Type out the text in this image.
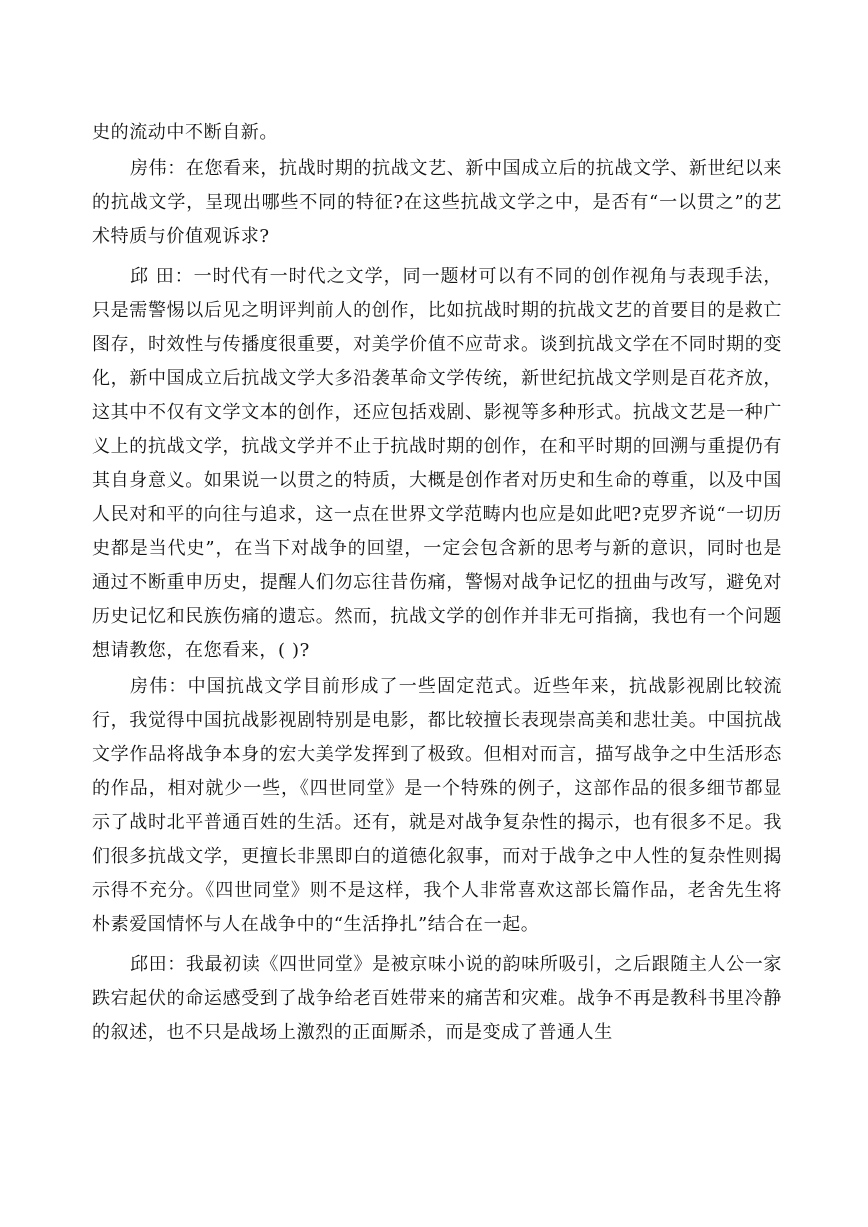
史的流动中不断自新。

房伟：在您看来，抗战时期的抗战文艺、新中国成立后的抗战文学、新世纪以来的抗战文学，呈现出哪些不同的特征?在这些抗战文学之中，是否有“一以贯之”的艺术特质与价值观诉求?

邱 田：一时代有一时代之文学，同一题材可以有不同的创作视角与表现手法，只是需警惕以后见之明评判前人的创作，比如抗战时期的抗战文艺的首要目的是救亡图存，时效性与传播度很重要，对美学价值不应苛求。谈到抗战文学在不同时期的变化，新中国成立后抗战文学大多沿袭革命文学传统，新世纪抗战文学则是百花齐放，这其中不仅有文学文本的创作，还应包括戏剧、影视等多种形式。抗战文艺是一种广义上的抗战文学，抗战文学并不止于抗战时期的创作，在和平时期的回溯与重提仍有其自身意义。如果说一以贯之的特质，大概是创作者对历史和生命的尊重，以及中国人民对和平的向往与追求，这一点在世界文学范畴内也应是如此吧?克罗齐说“一切历史都是当代史”，在当下对战争的回望，一定会包含新的思考与新的意识，同时也是通过不断重申历史，提醒人们勿忘往昔伤痛，警惕对战争记忆的扭曲与改写，避免对历史记忆和民族伤痛的遗忘。然而，抗战文学的创作并非无可指摘，我也有一个问题想请教您，在您看来，( )?

房伟：中国抗战文学目前形成了一些固定范式。近些年来，抗战影视剧比较流行，我觉得中国抗战影视剧特别是电影，都比较擅长表现崇高美和悲壮美。中国抗战文学作品将战争本身的宏大美学发挥到了极致。但相对而言，描写战争之中生活形态的作品，相对就少一些，《四世同堂》是一个特殊的例子，这部作品的很多细节都显示了战时北平普通百姓的生活。还有，就是对战争复杂性的揭示，也有很多不足。我们很多抗战文学，更擅长非黑即白的道德化叙事，而对于战争之中人性的复杂性则揭示得不充分。《四世同堂》则不是这样，我个人非常喜欢这部长篇作品，老舍先生将朴素爱国情怀与人在战争中的“生活挣扎”结合在一起。

邱田：我最初读《四世同堂》是被京味小说的韵味所吸引，之后跟随主人公一家跌宕起伏的命运感受到了战争给老百姓带来的痛苦和灾难。战争不再是教科书里冷静的叙述，也不只是战场上激烈的正面厮杀，而是变成了普通人生
